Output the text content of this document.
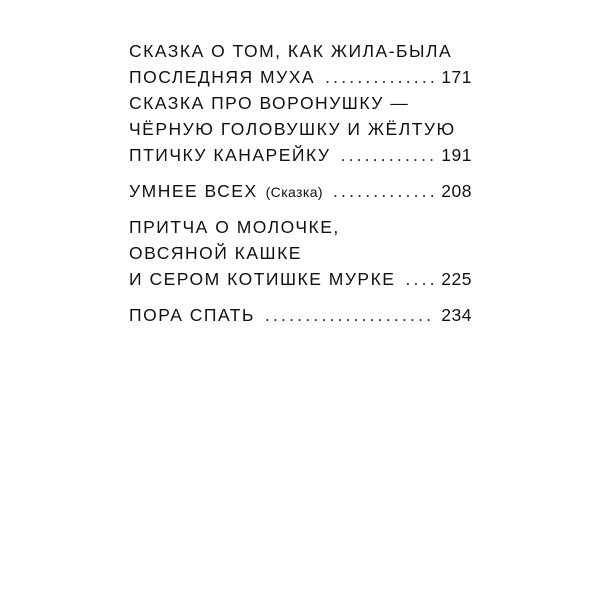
СКАЗКА О ТОМ, КАК ЖИЛА-БЫЛА
ПОСЛЕДНЯЯ МУХА .....	171
СКАЗКА ПРО ВОРОНУШКУ —
ЧЁРНУЮ ГОЛОВУШКУ И ЖЁЛТУЮ
ПТИЧКУ КАНАРЕЙКУ .....	191
УМНЕЕ ВСЕХ (Сказка) .....	208
ПРИТЧА О МОЛОЧКЕ,
ОВСЯНОЙ КАШКЕ
И СЕРОМ КОТИШКЕ МУРКЕ .....	225
ПОРА СПАТЬ .....	234
